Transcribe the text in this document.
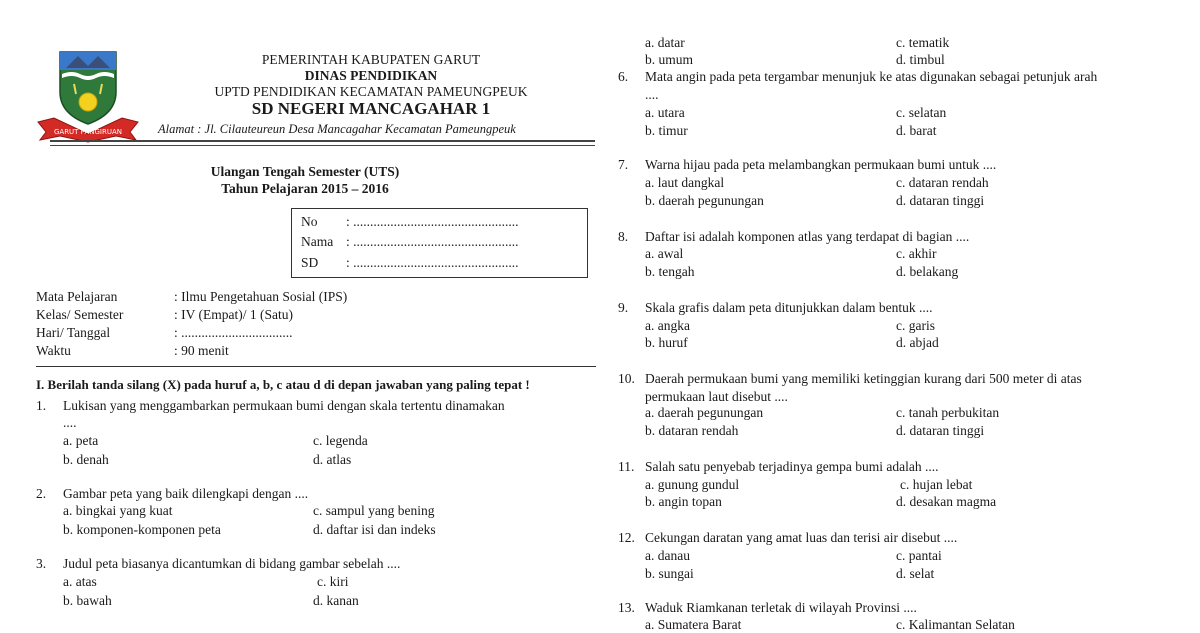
GARUT PANGIRUAN
PEMERINTAH KABUPATEN GARUT
DINAS PENDIDIKAN
UPTD PENDIDIKAN KECAMATAN PAMEUNGPEUK
SD NEGERI MANCAGAHAR 1
Alamat : Jl. Cilauteureun Desa Mancagahar Kecamatan Pameungpeuk
Ulangan Tengah Semester (UTS)
Tahun Pelajaran 2015 – 2016
No : .................................................
Nama : .................................................
SD : .................................................
Mata Pelajaran	: Ilmu Pengetahuan Sosial (IPS)
Kelas/ Semester	: IV (Empat)/ 1 (Satu)
Hari/ Tanggal	: .................................
Waktu	: 90 menit
I. Berilah tanda silang (X) pada huruf a, b, c atau d di depan jawaban yang paling tepat !
1. Lukisan yang menggambarkan permukaan bumi dengan skala tertentu dinamakan
....
a. peta	c. legenda
b. denah	d. atlas
2. Gambar peta yang baik dilengkapi dengan ....
a. bingkai yang kuat	c. sampul yang bening
b. komponen-komponen peta	d. daftar isi dan indeks
3. Judul peta biasanya dicantumkan di bidang gambar sebelah ....
a. atas	c. kiri
b. bawah	d. kanan
a. datar	c. tematik
b. umum	d. timbul
6. Mata angin pada peta tergambar menunjuk ke atas digunakan sebagai petunjuk arah
....
a. utara	c. selatan
b. timur	d. barat
7. Warna hijau pada peta melambangkan permukaan bumi untuk ....
a. laut dangkal	c. dataran rendah
b. daerah pegunungan	d. dataran tinggi
8. Daftar isi adalah komponen atlas yang terdapat di bagian ....
a. awal	c. akhir
b. tengah	d. belakang
9. Skala grafis dalam peta ditunjukkan dalam bentuk ....
a. angka	c. garis
b. huruf	d. abjad
10. Daerah permukaan bumi yang memiliki ketinggian kurang dari 500 meter di atas
permukaan laut disebut ....
a. daerah pegunungan	c. tanah perbukitan
b. dataran rendah	d. dataran tinggi
11. Salah satu penyebab terjadinya gempa bumi adalah ....
a. gunung gundul	c. hujan lebat
b. angin topan	d. desakan magma
12. Cekungan daratan yang amat luas dan terisi air disebut ....
a. danau	c. pantai
b. sungai	d. selat
13. Waduk Riamkanan terletak di wilayah Provinsi ....
a. Sumatera Barat	c. Kalimantan Selatan
